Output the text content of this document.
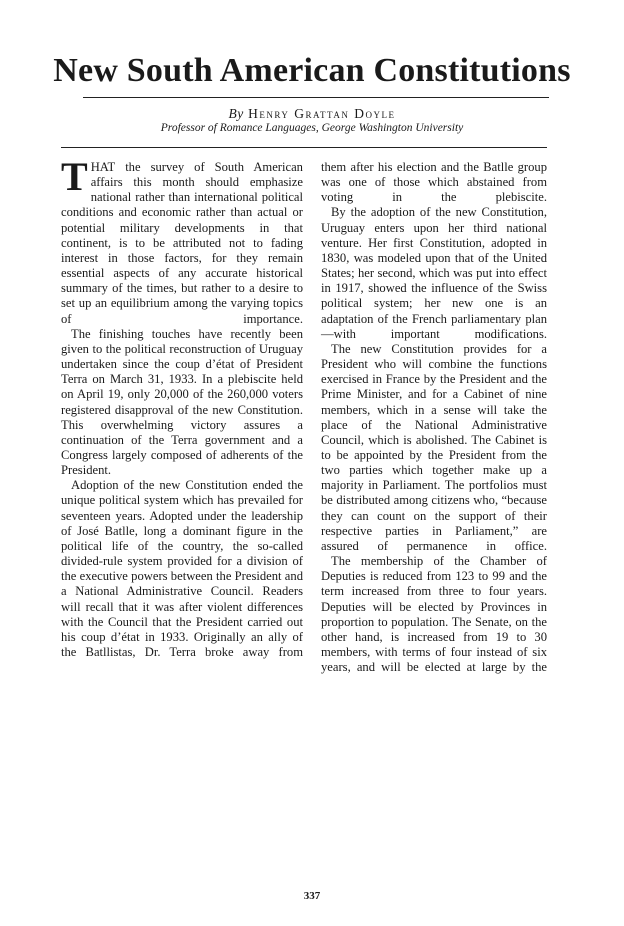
New South American Constitutions
By Henry Grattan Doyle
Professor of Romance Languages, George Washington University

THAT the survey of South American affairs this month should emphasize national rather than international political conditions and economic rather than actual or potential military developments in that continent, is to be attributed not to fading interest in those factors, for they remain essential aspects of any accurate historical summary of the times, but rather to a desire to set up an equilibrium among the varying topics of importance.

The finishing touches have recently been given to the political reconstruction of Uruguay undertaken since the coup d’état of President Terra on March 31, 1933. In a plebiscite held on April 19, only 20,000 of the 260,000 voters registered disapproval of the new Constitution. This overwhelming victory assures a continuation of the Terra government and a Congress largely composed of adherents of the President.

Adoption of the new Constitution ended the unique political system which has prevailed for seventeen years. Adopted under the leadership of José Batlle, long a dominant figure in the political life of the country, the so-called divided-rule system provided for a division of the executive powers between the President and a National Administrative Council. Readers will recall that it was after violent differences with the Council that the President carried out his coup d’état in 1933. Originally an ally of the Batllistas, Dr. Terra broke away from

them after his election and the Batlle group was one of those which abstained from voting in the plebiscite.

By the adoption of the new Constitution, Uruguay enters upon her third national venture. Her first Constitution, adopted in 1830, was modeled upon that of the United States; her second, which was put into effect in 1917, showed the influence of the Swiss political system; her new one is an adaptation of the French parliamentary plan—with important modifications.

The new Constitution provides for a President who will combine the functions exercised in France by the President and the Prime Minister, and for a Cabinet of nine members, which in a sense will take the place of the National Administrative Council, which is abolished. The Cabinet is to be appointed by the President from the two parties which together make up a majority in Parliament. The portfolios must be distributed among citizens who, “because they can count on the support of their respective parties in Parliament,” are assured of permanence in office.

The membership of the Chamber of Deputies is reduced from 123 to 99 and the term increased from three to four years. Deputies will be elected by Provinces in proportion to population. The Senate, on the other hand, is increased from 19 to 30 members, with terms of four instead of six years, and will be elected at large by the

337
